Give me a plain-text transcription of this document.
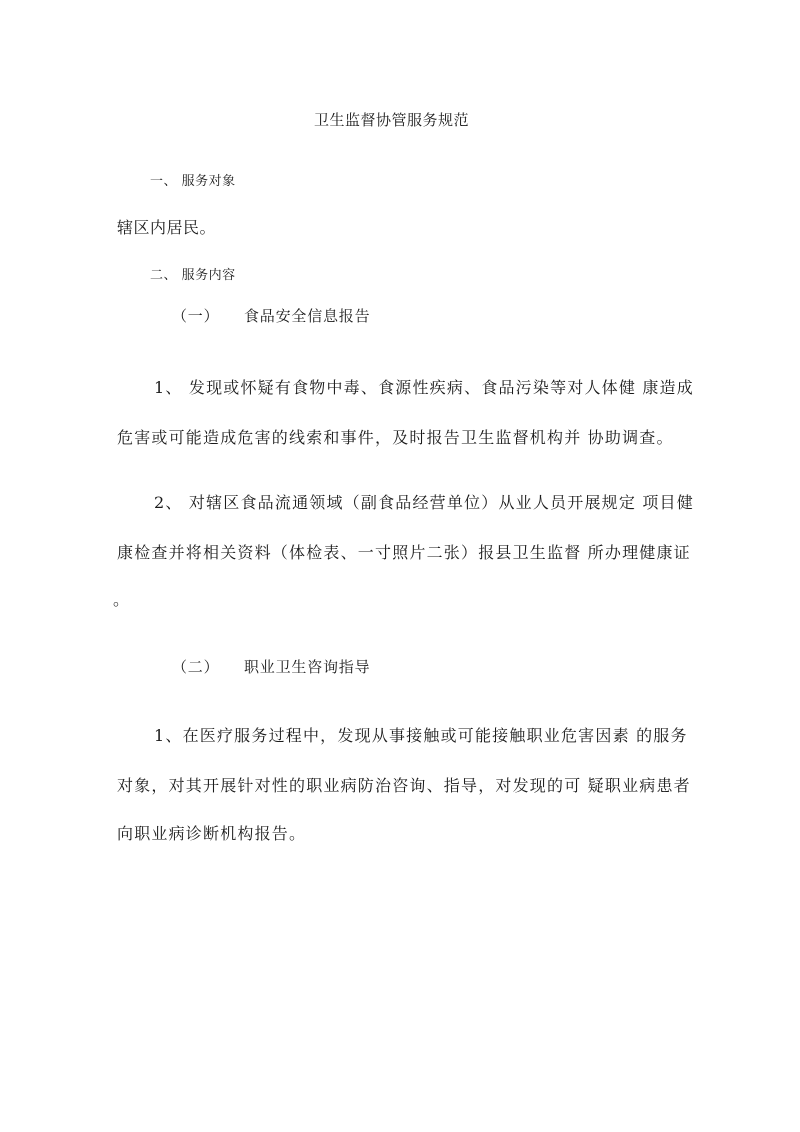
卫生监督协管服务规范

一、 服务对象

辖区内居民。

二、 服务内容

（一） 食品安全信息报告

1、 发现或怀疑有食物中毒、食源性疾病、食品污染等对人体健 康造成

危害或可能造成危害的线索和事件，及时报告卫生监督机构并 协助调查。

2、 对辖区食品流通领域（副食品经营单位）从业人员开展规定 项目健

康检查并将相关资料（体检表、一寸照片二张）报县卫生监督 所办理健康证

。

（二） 职业卫生咨询指导

1、在医疗服务过程中，发现从事接触或可能接触职业危害因素 的服务

对象，对其开展针对性的职业病防治咨询、指导，对发现的可 疑职业病患者

向职业病诊断机构报告。
